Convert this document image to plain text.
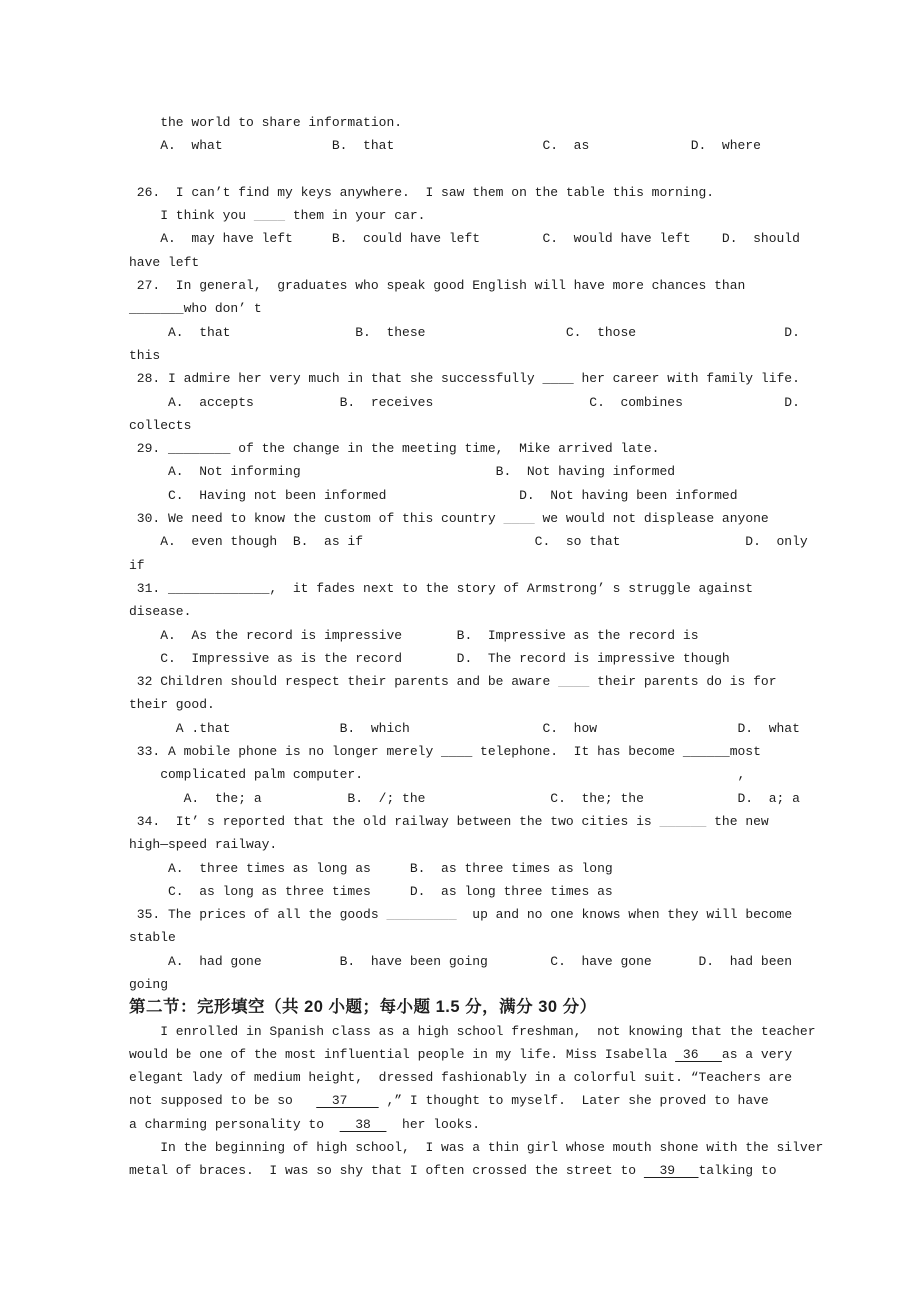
the world to share information.
A.  what              B.  that                   C.  as             D.  where

26.  I can’t find my keys anywhere.  I saw them on the table this morning.
I think you ____ them in your car.
A.  may have left     B.  could have left        C.  would have left    D.  should
have left
27.  In general,  graduates who speak good English will have more chances than
_______who don’ t
A.  that                B.  these                  C.  those                   D.
this
28. I admire her very much in that she successfully ____ her career with family life.
A.  accepts           B.  receives                    C.  combines             D.
collects
29. ________ of the change in the meeting time,  Mike arrived late.
A.  Not informing                         B.  Not having informed
C.  Having not been informed                 D.  Not having been informed
30. We need to know the custom of this country ____ we would not displease anyone
A.  even though  B.  as if                      C.  so that                D.  only
if
31. _____________,  it fades next to the story of Armstrong’ s struggle against
disease.
A.  As the record is impressive       B.  Impressive as the record is
C.  Impressive as is the record       D.  The record is impressive though
32 Children should respect their parents and be aware ____ their parents do is for
their good.
A .that              B.  which                 C.  how                  D.  what
33. A mobile phone is no longer merely ____ telephone.  It has become ______most
complicated palm computer.                                                ,
A.  the; a           B.  /; the                C.  the; the            D.  a; a
34.  It’ s reported that the old railway between the two cities is ______ the new
high—speed railway.
A.  three times as long as     B.  as three times as long
C.  as long as three times     D.  as long three times as
35. The prices of all the goods _________  up and no one knows when they will become
stable
A.  had gone          B.  have been going        C.  have gone      D.  had been
going
第二节：完形填空（共 20 小题；每小题 1.5 分，满分 30 分）
I enrolled in Spanish class as a high school freshman,  not knowing that the teacher
would be one of the most influential people in my life. Miss Isabella  36   as a very
elegant lady of medium height,  dressed fashionably in a colorful suit. “Teachers are
not supposed to be so     37     ,” I thought to myself.  Later she proved to have
a charming personality to    38    her looks.
In the beginning of high school,  I was a thin girl whose mouth shone with the silver
metal of braces.  I was so shy that I often crossed the street to   39   talking to
